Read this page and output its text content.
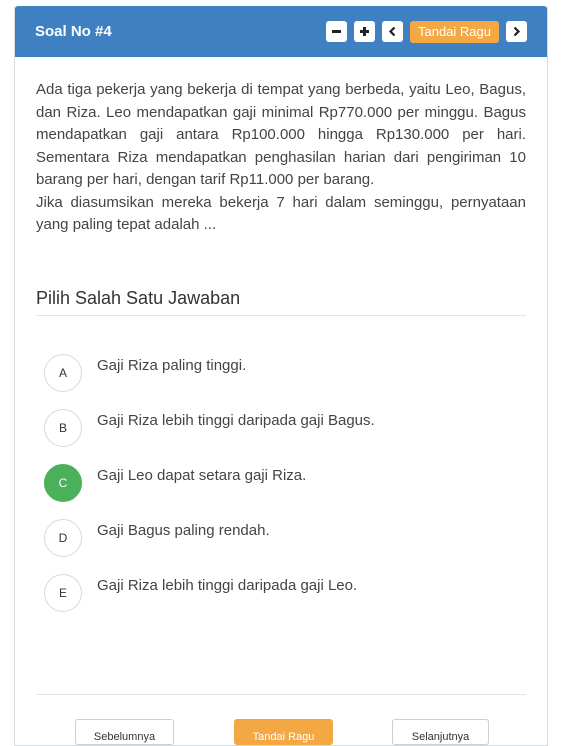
Soal No #4	Tandai Ragu

Ada tiga pekerja yang bekerja di tempat yang berbeda, yaitu Leo, Bagus, dan Riza. Leo mendapatkan gaji minimal Rp770.000 per minggu. Bagus mendapatkan gaji antara Rp100.000 hingga Rp130.000 per hari. Sementara Riza mendapatkan penghasilan harian dari pengiriman 10 barang per hari, dengan tarif Rp11.000 per barang.

Jika diasumsikan mereka bekerja 7 hari dalam seminggu, pernyataan yang paling tepat adalah ...

Pilih Salah Satu Jawaban
A	Gaji Riza paling tinggi.
B	Gaji Riza lebih tinggi daripada gaji Bagus.
C	Gaji Leo dapat setara gaji Riza.
D	Gaji Bagus paling rendah.
E	Gaji Riza lebih tinggi daripada gaji Leo.
Sebelumnya	Tandai Ragu	Selanjutnya
